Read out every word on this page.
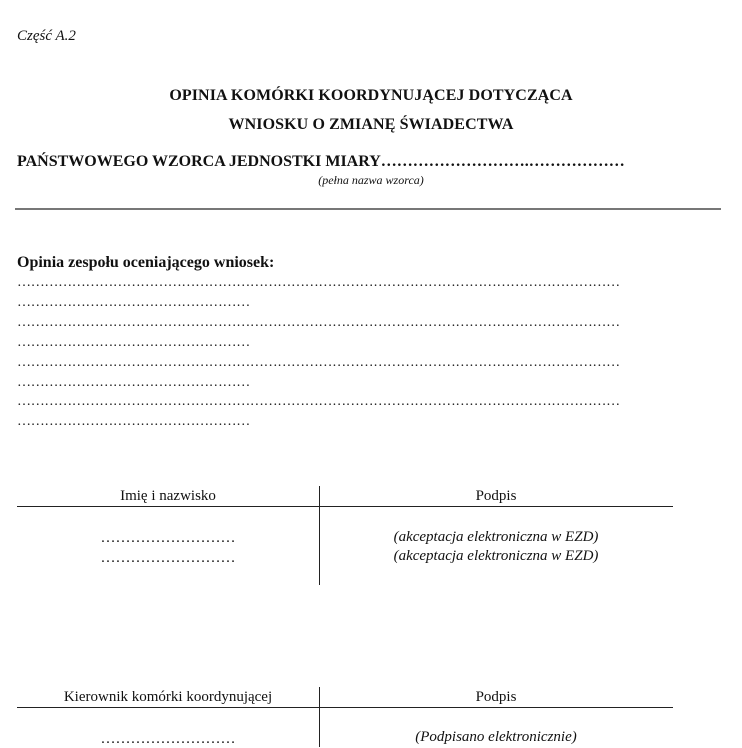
Część A.2
OPINIA KOMÓRKI KOORDYNUJĄCEJ DOTYCZĄCA
WNIOSKU O ZMIANĘ ŚWIADECTWA
PAŃSTWOWEGO WZORCA JEDNOSTKI MIARY……………………….………………
(pełna nazwa wzorca)
Opinia zespołu oceniającego wniosek:
……………………………………………………………………………………………………………………
……………………………………………
……………………………………………………………………………………………………………………
……………………………………………
……………………………………………………………………………………………………………………
……………………………………………
……………………………………………………………………………………………………………………
……………………………………………
Imię i nazwisko	Podpis
………………………	(akceptacja elektroniczna w EZD)
………………………	(akceptacja elektroniczna w EZD)
Kierownik komórki koordynującej	Podpis
………………………	(Podpisano elektronicznie)
